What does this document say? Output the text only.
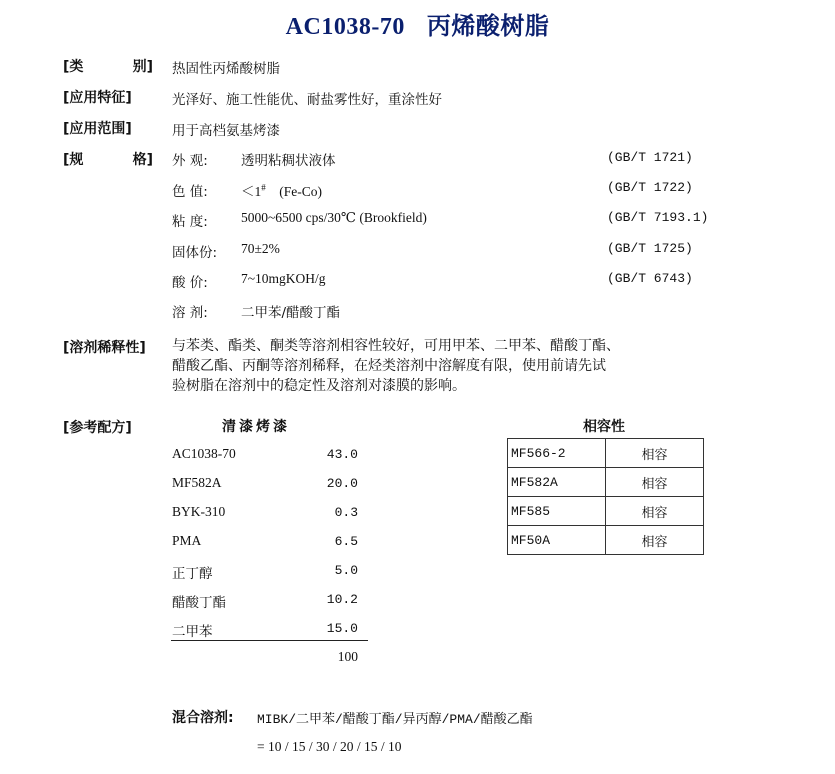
AC1038-70 丙烯酸树脂
[类	别] 热固性丙烯酸树脂
[应用特征]	光泽好、施工性能优、耐盐雾性好，重涂性好
[应用范围]	用于高档氨基烤漆
[规	格] 外 观: 透明粘稠状液体	(GB/T 1721)
色 值: ＜1# (Fe-Co)	(GB/T 1722)
粘 度: 5000~6500 cps/30℃ (Brookfield)	(GB/T 7193.1)
固体份: 70±2%	(GB/T 1725)
酸 价: 7~10mgKOH/g	(GB/T 6743)
溶 剂: 二甲苯/醋酸丁酯
[溶剂稀释性] 与苯类、酯类、酮类等溶剂相容性较好，可用甲苯、二甲苯、醋酸丁酯、
醋酸乙酯、丙酮等溶剂稀释，在烃类溶剂中溶解度有限，使用前请先试
验树脂在溶剂中的稳定性及溶剂对漆膜的影响。
[参考配方]	清漆烤漆
AC1038-70	43.0
MF582A	20.0
BYK-310	0.3
PMA	6.5
正丁醇	5.0
醋酸丁酯	10.2
二甲苯	15.0
100
相容性
MF566-2	相容
MF582A	相容
MF585	相容
MF50A	相容
混合溶剂: MIBK/二甲苯/醋酸丁酯/异丙醇/PMA/醋酸乙酯
= 10 / 15 / 30 / 20 / 15 / 10
